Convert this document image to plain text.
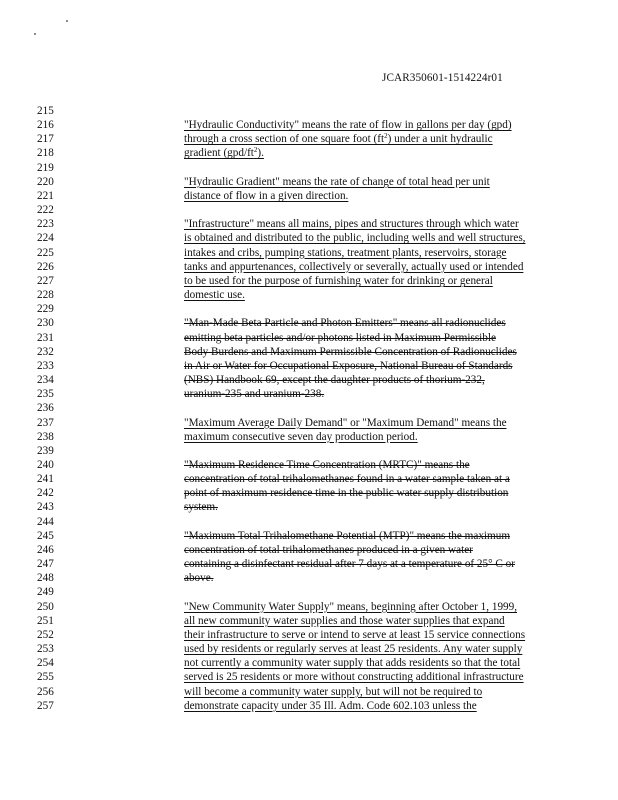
JCAR350601-1514224r01
215
216
217
218
219
220
221
222
223
224
225
226
227
228
229
230
231
232
233
234
235
236
237
238
239
240
241
242
243
244
245
246
247
248
249
250
251
252
253
254
255
256
257
"Hydraulic Conductivity" means the rate of flow in gallons per day (gpd)
through a cross section of one square foot $(ft^2)$ under a unit hydraulic
gradient $(gpd/ft^2)$.
"Hydraulic Gradient" means the rate of change of total head per unit
distance of flow in a given direction.
"Infrastructure" means all mains, pipes and structures through which water
is obtained and distributed to the public, including wells and well structures,
intakes and cribs, pumping stations, treatment plants, reservoirs, storage
tanks and appurtenances, collectively or severally, actually used or intended
to be used for the purpose of furnishing water for drinking or general
domestic use.
"Man-Made Beta Particle and Photon Emitters" means all radionuclides
emitting beta particles and/or photons listed in Maximum Permissible
Body Burdens and Maximum Permissible Concentration of Radionuclides
in Air or Water for Occupational Exposure, National Bureau of Standards
(NBS) Handbook 69, except the daughter products of thorium-232,
uranium-235 and uranium-238.
"Maximum Average Daily Demand" or "Maximum Demand" means the
maximum consecutive seven day production period.
"Maximum Residence Time Concentration (MRTC)" means the
concentration of total trihalomethanes found in a water sample taken at a
point of maximum residence time in the public water supply distribution
system.
"Maximum Total Trihalomethane Potential (MTP)" means the maximum
concentration of total trihalomethanes produced in a given water
containing a disinfectant residual after 7 days at a temperature of 25° C or
above.
"New Community Water Supply" means, beginning after October 1, 1999,
all new community water supplies and those water supplies that expand
their infrastructure to serve or intend to serve at least 15 service connections
used by residents or regularly serves at least 25 residents. Any water supply
not currently a community water supply that adds residents so that the total
served is 25 residents or more without constructing additional infrastructure
will become a community water supply, but will not be required to
demonstrate capacity under 35 Ill. Adm. Code 602.103 unless the
